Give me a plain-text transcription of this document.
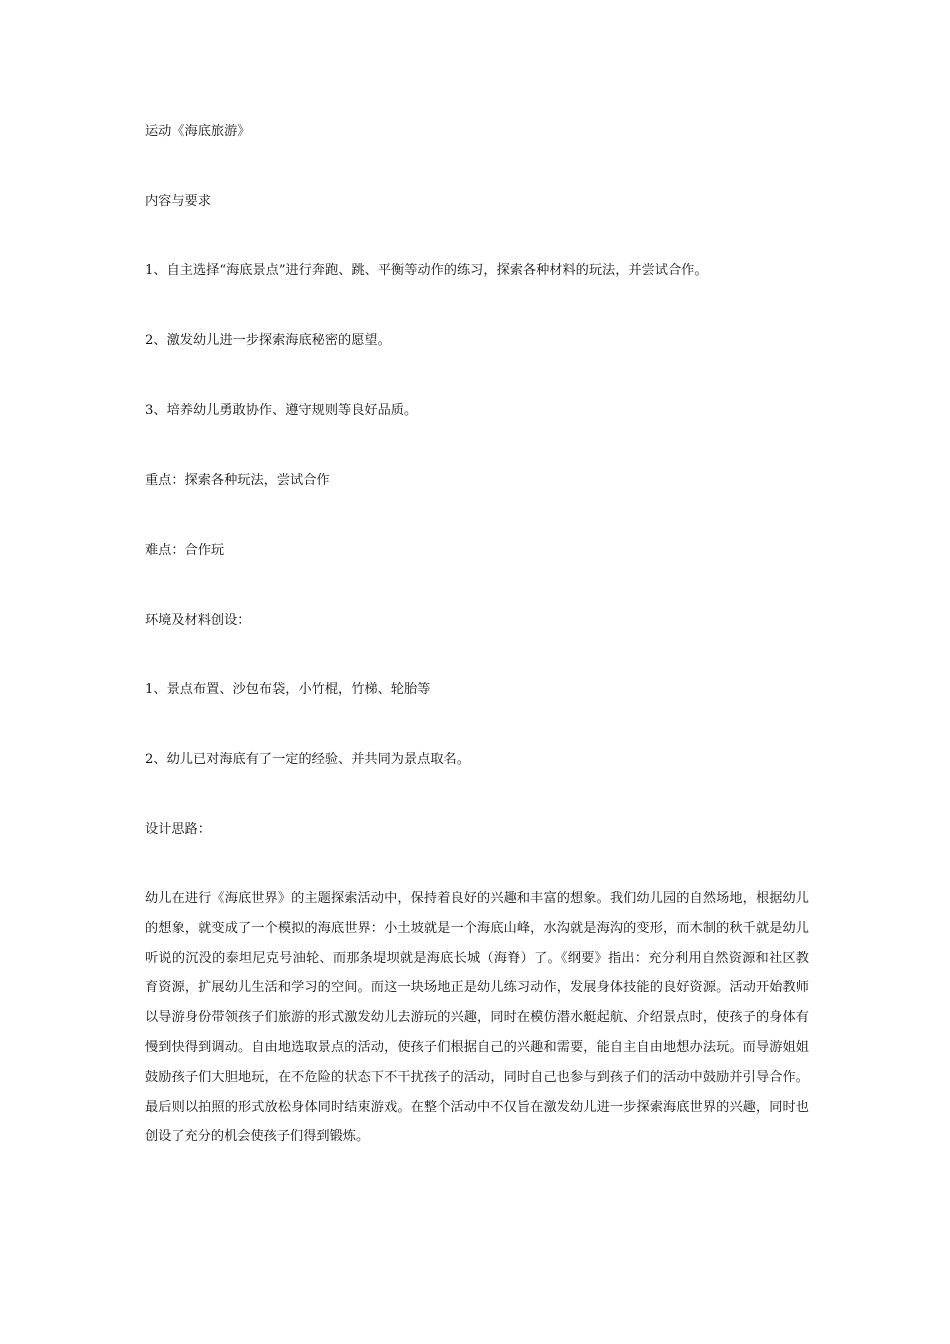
运动《海底旅游》

内容与要求

1、自主选择“海底景点”进行奔跑、跳、平衡等动作的练习，探索各种材料的玩法，并尝试合作。

2、激发幼儿进一步探索海底秘密的愿望。

3、培养幼儿勇敢协作、遵守规则等良好品质。

重点：探索各种玩法，尝试合作

难点：合作玩

环境及材料创设：

1、景点布置、沙包布袋，小竹棍，竹梯、轮胎等

2、幼儿已对海底有了一定的经验、并共同为景点取名。

设计思路：

幼儿在进行《海底世界》的主题探索活动中，保持着良好的兴趣和丰富的想象。我们幼儿园的自然场地，根据幼儿的想象，就变成了一个模拟的海底世界：小土坡就是一个海底山峰，水沟就是海沟的变形，而木制的秋千就是幼儿听说的沉没的泰坦尼克号油轮、而那条堤坝就是海底长城（海脊）了。《纲要》指出：充分利用自然资源和社区教育资源，扩展幼儿生活和学习的空间。而这一块场地正是幼儿练习动作，发展身体技能的良好资源。活动开始教师以导游身份带领孩子们旅游的形式激发幼儿去游玩的兴趣，同时在模仿潜水艇起航、介绍景点时，使孩子的身体有慢到快得到调动。自由地选取景点的活动，使孩子们根据自己的兴趣和需要，能自主自由地想办法玩。而导游姐姐鼓励孩子们大胆地玩，在不危险的状态下不干扰孩子的活动，同时自己也参与到孩子们的活动中鼓励并引导合作。最后则以拍照的形式放松身体同时结束游戏。在整个活动中不仅旨在激发幼儿进一步探索海底世界的兴趣，同时也创设了充分的机会使孩子们得到锻炼。
